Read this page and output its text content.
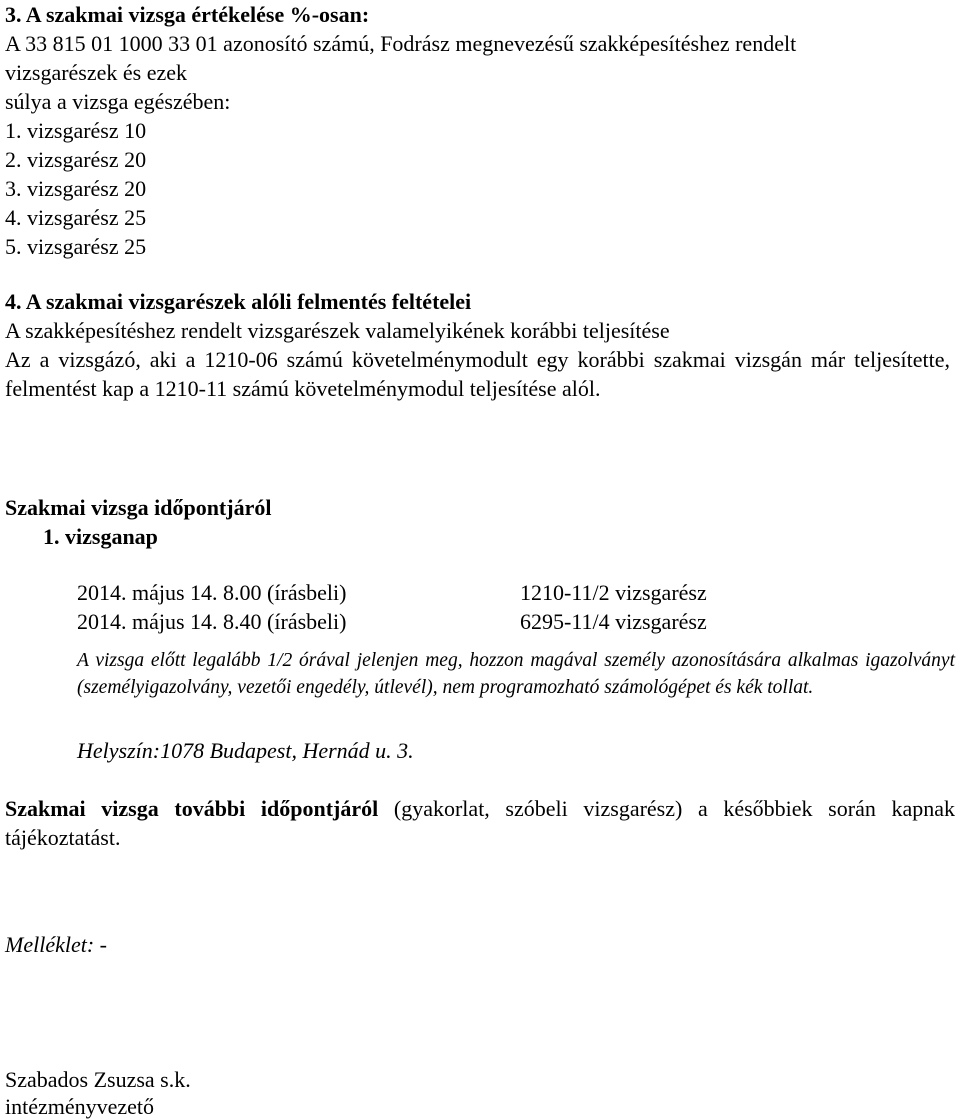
3. A szakmai vizsga értékelése %-osan:
A 33 815 01 1000 33 01 azonosító számú, Fodrász megnevezésű szakképesítéshez rendelt
vizsgarészek és ezek
súlya a vizsga egészében:
1. vizsgarész 10
2. vizsgarész 20
3. vizsgarész 20
4. vizsgarész 25
5. vizsgarész 25
4. A szakmai vizsgarészek alóli felmentés feltételei
A szakképesítéshez rendelt vizsgarészek valamelyikének korábbi teljesítése
Az a vizsgázó, aki a 1210-06 számú követelménymodult egy korábbi szakmai vizsgán már teljesítette, felmentést kap a 1210-11 számú követelménymodul teljesítése alól.
Szakmai vizsga időpontjáról
1. vizsganap
2014. május 14. 8.00 (írásbeli)	1210-11/2 vizsgarész
2014. május 14. 8.40 (írásbeli)	6295-11/4 vizsgarész
A vizsga előtt legalább 1/2 órával jelenjen meg, hozzon magával személy azonosítására alkalmas igazolványt (személyigazolvány, vezetői engedély, útlevél), nem programozható számológépet és kék tollat.
Helyszín:1078 Budapest, Hernád u. 3.
Szakmai vizsga további időpontjáról (gyakorlat, szóbeli vizsgarész) a későbbiek során kapnak tájékoztatást.
Melléklet: -
Szabados Zsuzsa s.k.
intézményvezető
